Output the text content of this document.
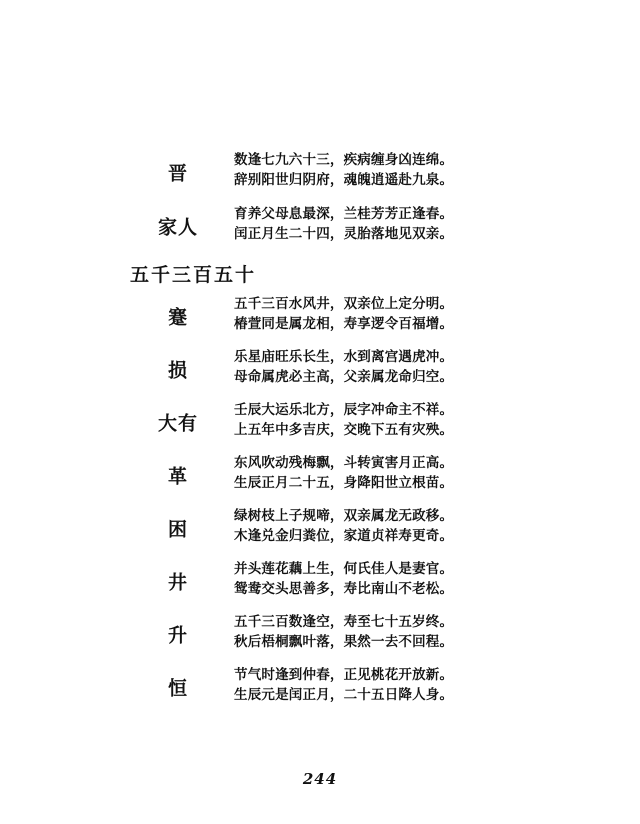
晋
数逢七九六十三，疾病缠身凶连绵。
辞别阳世归阴府，魂魄逍遥赴九泉。
家人
育养父母息最深，兰桂芳芳正逢春。
闰正月生二十四，灵胎落地见双亲。
五千三百五十
蹇
五千三百水风井，双亲位上定分明。
椿萱同是属龙相，寿享逻令百福增。
损
乐星庙旺乐长生，水到离宫遇虎冲。
母命属虎必主高，父亲属龙命归空。
大有
壬辰大运乐北方，辰字冲命主不祥。
上五年中多吉庆，交晚下五有灾殃。
革
东风吹动残梅飘，斗转寅害月正高。
生辰正月二十五，身降阳世立根苗。
困
绿树枝上子规啼，双亲属龙无政移。
木逢兑金归粪位，家道贞祥寿更奇。
井
并头莲花藕上生，何氏佳人是妻官。
鸳鸯交头思善多，寿比南山不老松。
升
五千三百数逢空，寿至七十五岁终。
秋后梧桐飘叶落，果然一去不回程。
恒
节气时逢到仲春，正见桃花开放新。
生辰元是闰正月，二十五日降人身。
244
